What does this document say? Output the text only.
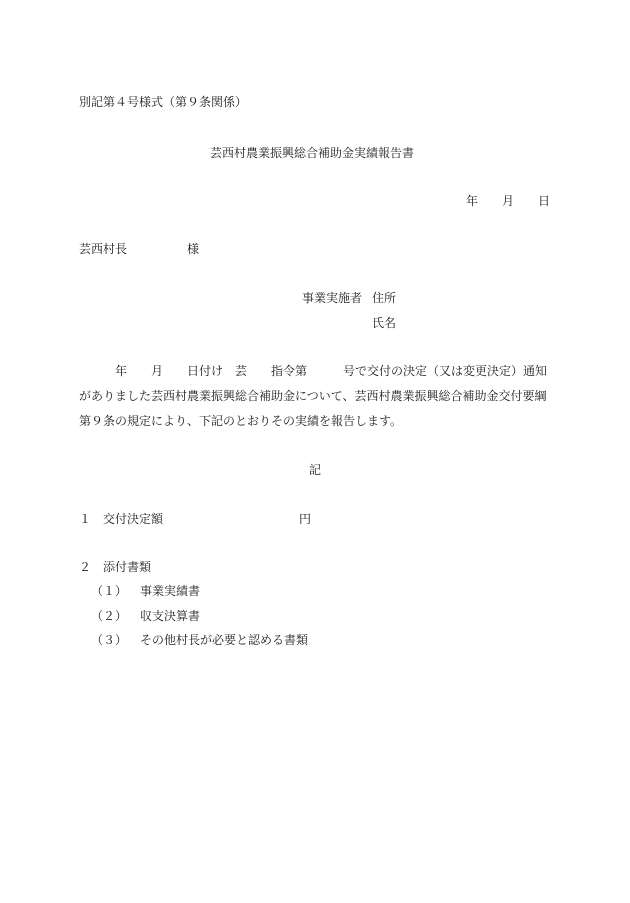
別記第４号様式（第９条関係）
芸西村農業振興総合補助金実績報告書
年　　月　　日
芸西村長　　　　　様
事業実施者 住所
氏名

　　　年　　月　　日付け　芸　　指令第　　　号で交付の決定（又は変更決定）通知

がありました芸西村農業振興総合補助金について、芸西村農業振興総合補助金交付要綱

第９条の規定により、下記のとおりその実績を報告します。

記
１ 交付決定額	円
２ 添付書類
（１） 事業実績書
（２） 収支決算書
（３） その他村長が必要と認める書類
